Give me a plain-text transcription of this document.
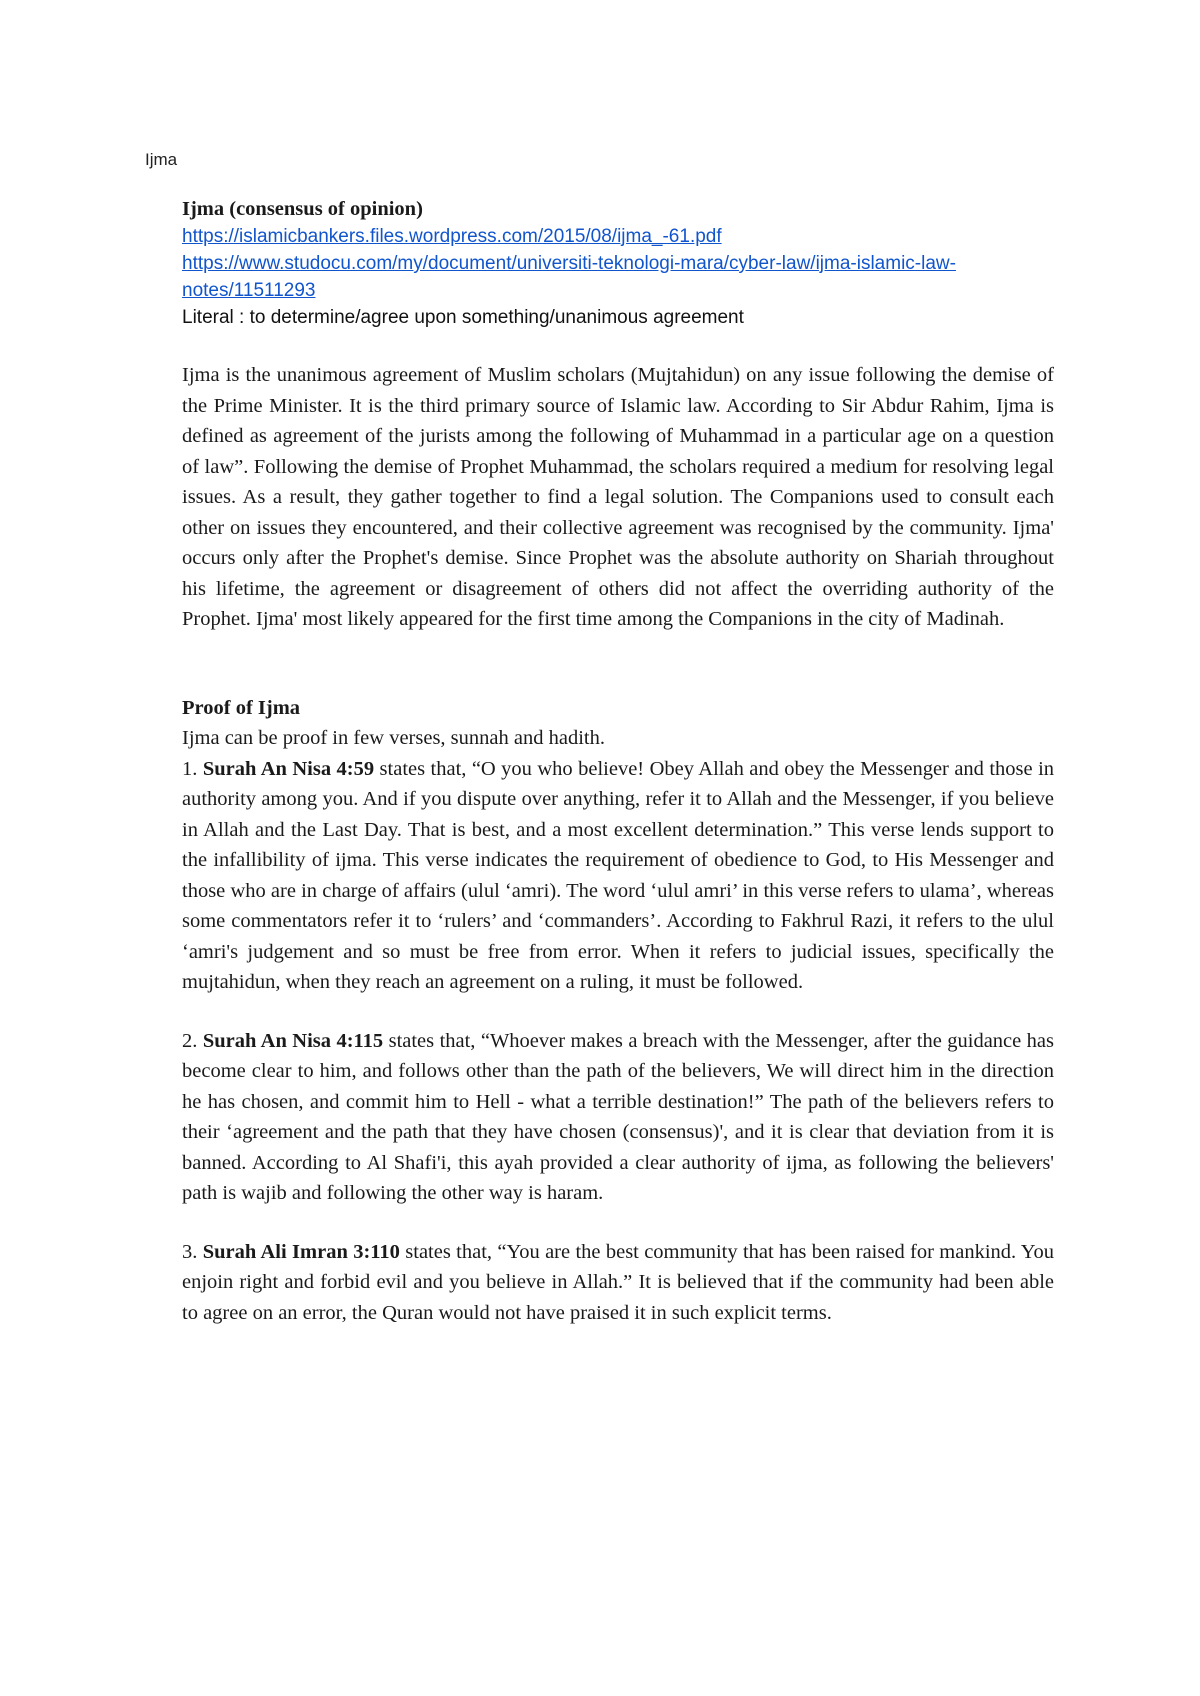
Ijma

Ijma (consensus of opinion)

https://islamicbankers.files.wordpress.com/2015/08/ijma_-61.pdf
https://www.studocu.com/my/document/universiti-teknologi-mara/cyber-law/ijma-islamic-law-notes/11511293

Literal : to determine/agree upon something/unanimous agreement

Ijma is the unanimous agreement of Muslim scholars (Mujtahidun) on any issue following the demise of the Prime Minister. It is the third primary source of Islamic law. According to Sir Abdur Rahim, Ijma is defined as agreement of the jurists among the following of Muhammad in a particular age on a question of law”. Following the demise of Prophet Muhammad, the scholars required a medium for resolving legal issues. As a result, they gather together to find a legal solution. The Companions used to consult each other on issues they encountered, and their collective agreement was recognised by the community. Ijma' occurs only after the Prophet's demise. Since Prophet was the absolute authority on Shariah throughout his lifetime, the agreement or disagreement of others did not affect the overriding authority of the Prophet. Ijma' most likely appeared for the first time among the Companions in the city of Madinah.

Proof of Ijma

Ijma can be proof in few verses, sunnah and hadith.

1. Surah An Nisa 4:59 states that, “O you who believe! Obey Allah and obey the Messenger and those in authority among you. And if you dispute over anything, refer it to Allah and the Messenger, if you believe in Allah and the Last Day. That is best, and a most excellent determination.” This verse lends support to the infallibility of ijma. This verse indicates the requirement of obedience to God, to His Messenger and those who are in charge of affairs (ulul ‘amri). The word ‘ulul amri’ in this verse refers to ulama’, whereas some commentators refer it to ‘rulers’ and ‘commanders’. According to Fakhrul Razi, it refers to the ulul ‘amri's judgement and so must be free from error. When it refers to judicial issues, specifically the mujtahidun, when they reach an agreement on a ruling, it must be followed.

2. Surah An Nisa 4:115 states that, “Whoever makes a breach with the Messenger, after the guidance has become clear to him, and follows other than the path of the believers, We will direct him in the direction he has chosen, and commit him to Hell - what a terrible destination!” The path of the believers refers to their ‘agreement and the path that they have chosen (consensus)', and it is clear that deviation from it is banned. According to Al Shafi'i, this ayah provided a clear authority of ijma, as following the believers' path is wajib and following the other way is haram.

3. Surah Ali Imran 3:110 states that, “You are the best community that has been raised for mankind. You enjoin right and forbid evil and you believe in Allah.” It is believed that if the community had been able to agree on an error, the Quran would not have praised it in such explicit terms.
